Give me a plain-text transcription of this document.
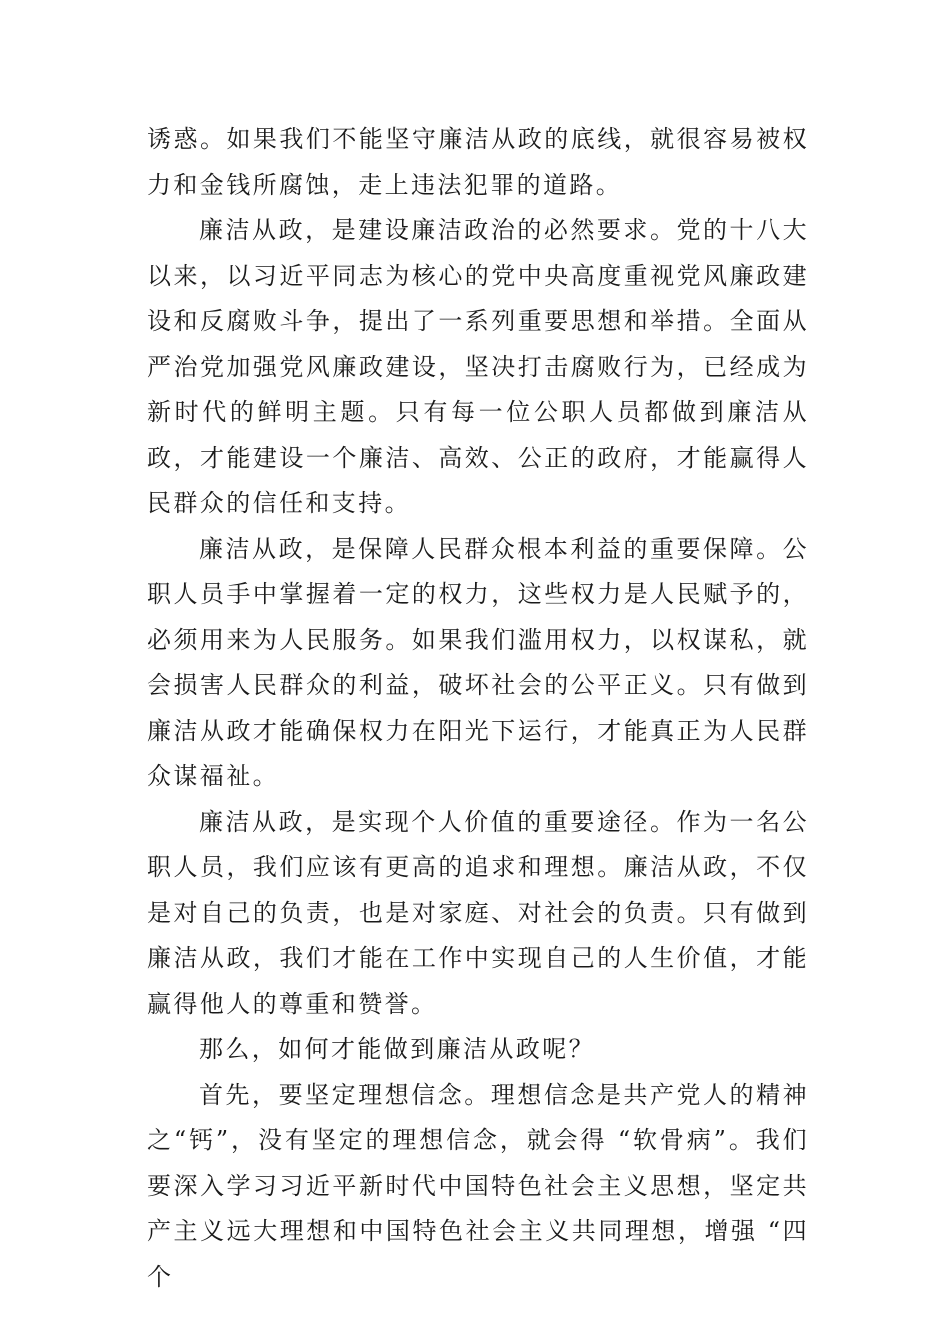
诱惑。如果我们不能坚守廉洁从政的底线，就很容易被权力和金钱所腐蚀，走上违法犯罪的道路。

廉洁从政，是建设廉洁政治的必然要求。党的十八大以来，以习近平同志为核心的党中央高度重视党风廉政建设和反腐败斗争，提出了一系列重要思想和举措。全面从严治党加强党风廉政建设，坚决打击腐败行为，已经成为新时代的鲜明主题。只有每一位公职人员都做到廉洁从政，才能建设一个廉洁、高效、公正的政府，才能赢得人民群众的信任和支持。

廉洁从政，是保障人民群众根本利益的重要保障。公职人员手中掌握着一定的权力，这些权力是人民赋予的，必须用来为人民服务。如果我们滥用权力，以权谋私，就会损害人民群众的利益，破坏社会的公平正义。只有做到廉洁从政才能确保权力在阳光下运行，才能真正为人民群众谋福祉。

廉洁从政，是实现个人价值的重要途径。作为一名公职人员，我们应该有更高的追求和理想。廉洁从政，不仅是对自己的负责，也是对家庭、对社会的负责。只有做到廉洁从政，我们才能在工作中实现自己的人生价值，才能赢得他人的尊重和赞誉。

那么，如何才能做到廉洁从政呢？

首先，要坚定理想信念。理想信念是共产党人的精神之“钙”，没有坚定的理想信念，就会得 “软骨病”。我们要深入学习习近平新时代中国特色社会主义思想，坚定共产主义远大理想和中国特色社会主义共同理想，增强 “四个
